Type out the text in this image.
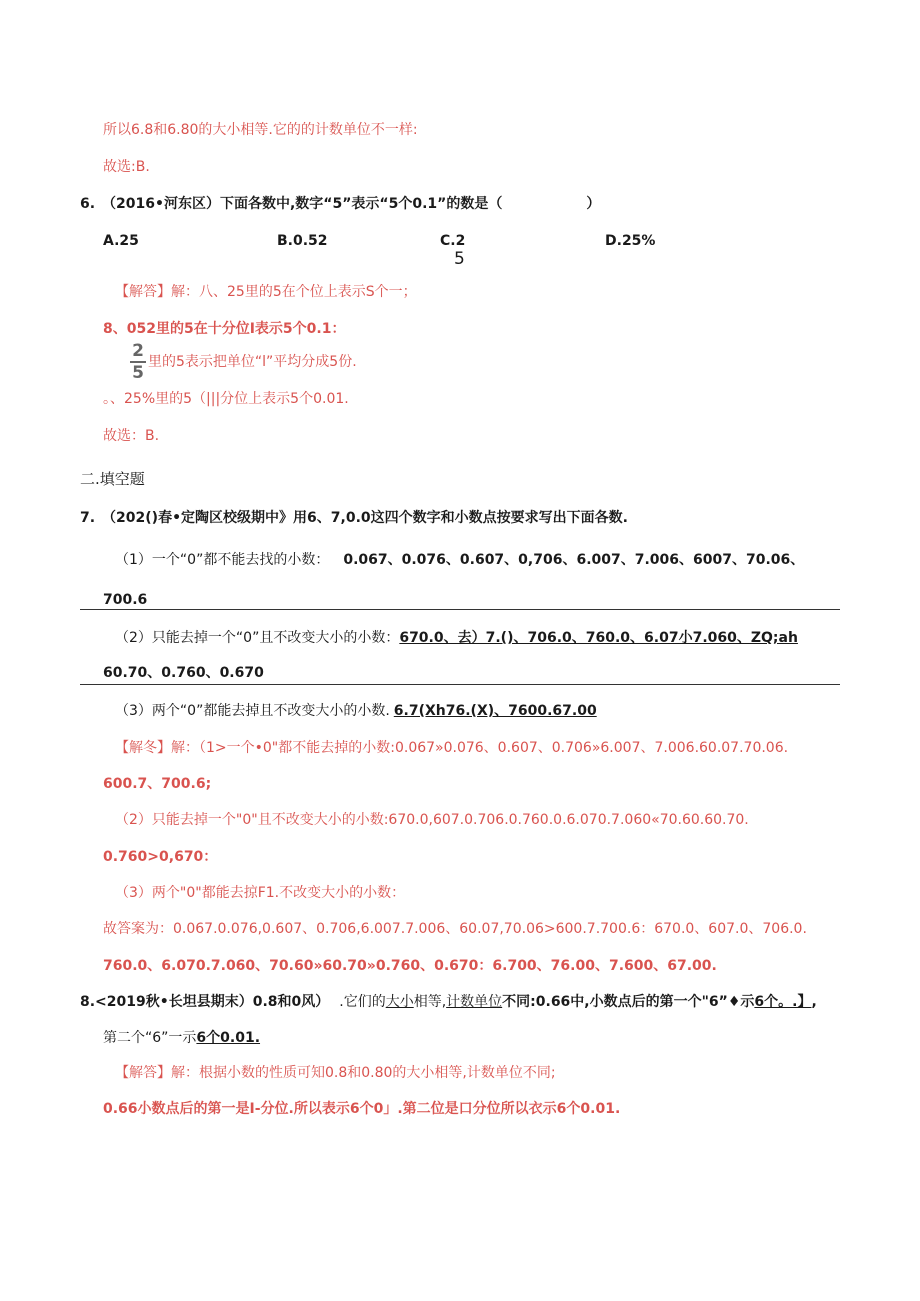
所以6.8和6.80的大小相等.它的的计数单位不一样:
故选:B.
6.　（2016•河东区）下面各数中,数字“5”表示“5个0.1”的数是（　　　　　　）
A.25	B.0.52	C.2
5
D.25%
【解答】解：八、25里的5在个位上表示S个一；
8、052里的5在十分位I表示5个0.1：
2
5
里的5表示把单位“l”平均分成5份.
。、25%里的5（|||分位上表示5个0.01.
故选：B.
二.填空题
7.　（202()春•定陶区校级期中》用6、7,0.0这四个数字和小数点按要求写出下面各数.
（1）一个“0”都不能去找的小数： 0.067、0.076、0.607、0,706、6.007、7.006、6007、70.06、
700.6
（2）只能去掉一个“0”且不改变大小的小数：670.0、去）7.()、706.0、760.0、6.07小7.060、ZQ;ah
60.70、0.760、0.670
（3）两个“0”都能去掉且不改变大小的小数. 6.7(Xh76.(X)、7600.67.00
【解冬】解：（1>一个•0"都不能去掉的小数:0.067»0.076、0.607、0.706»6.007、7.006.60.07.70.06.
600.7、700.6;
（2）只能去掉一个"0"且不改变大小的小数:670.0,607.0.706.0.760.0.6.070.7.060«70.60.60.70.
0.760>0,670：
（3）两个"0"都能去掠F1.不改变大小的小数：
故答案为：0.067.0.076,0.607、0.706,6.007.7.006、60.07,70.06>600.7.700.6：670.0、607.0、706.0.
760.0、6.070.7.060、70.60»60.70»0.760、0.670：6.700、76.00、7.600、67.00.
8.<2019秋•长坦县期末）0.8和0风） .它们的大小相等,计数单位不同:0.66中,小数点后的第一个"6”♦示6个。.】,
第二个“6”一示6个0.01.
【解答】解：根据小数的性质可知0.8和0.80的大小相等,计数单位不同;
0.66小数点后的第一是I-分位.所以表示6个0」.第二位是口分位所以衣示6个0.01.
